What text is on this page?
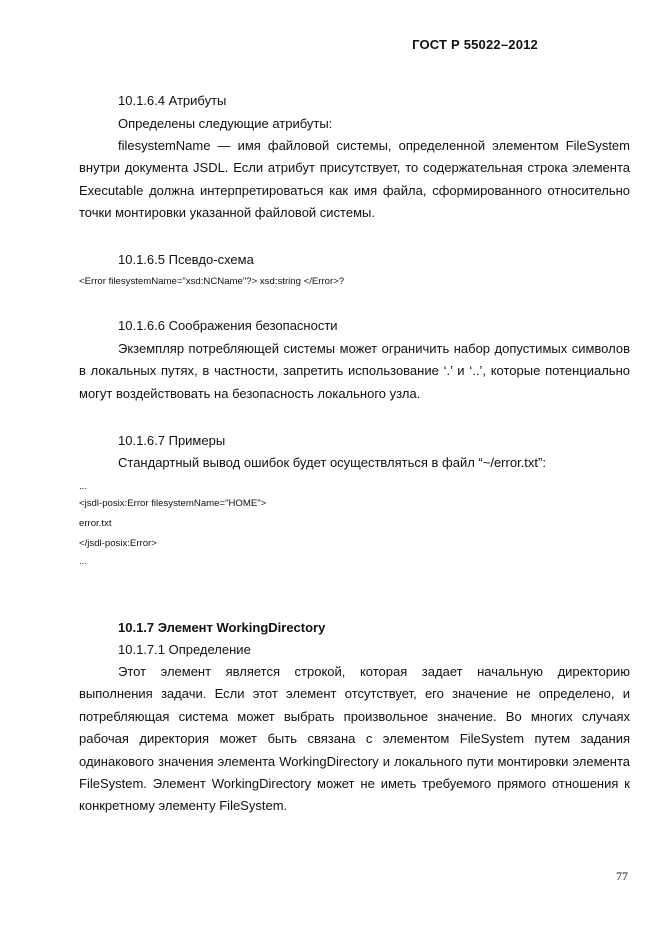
ГОСТ Р 55022–2012
10.1.6.4 Атрибуты
Определены следующие атрибуты:
filesystemName — имя файловой системы, определенной элементом FileSystem внутри документа JSDL. Если атрибут присутствует, то содержательная строка элемента Executable должна интерпретироваться как имя файла, сформированного относительно точки монтировки указанной файловой системы.
10.1.6.5 Псевдо-схема
<Error filesystemName="xsd:NCName"?> xsd:string </Error>?
10.1.6.6 Соображения безопасности
Экземпляр потребляющей системы может ограничить набор допустимых символов в локальных путях, в частности, запретить использование ‘.’ и ‘..’, которые потенциально могут воздействовать на безопасность локального узла.
10.1.6.7 Примеры
Стандартный вывод ошибок будет осуществляться в файл “~/error.txt”:
...
<jsdl-posix:Error filesystemName="HOME">
error.txt
</jsdl-posix:Error>
...
10.1.7 Элемент WorkingDirectory
10.1.7.1 Определение
Этот элемент является строкой, которая задает начальную директорию выполнения задачи. Если этот элемент отсутствует, его значение не определено, и потребляющая система может выбрать произвольное значение. Во многих случаях рабочая директория может быть связана с элементом FileSystem путем задания одинакового значения элемента WorkingDirectory и локального пути монтировки элемента FileSystem. Элемент WorkingDirectory может не иметь требуемого прямого отношения к конкретному элементу FileSystem.
77
